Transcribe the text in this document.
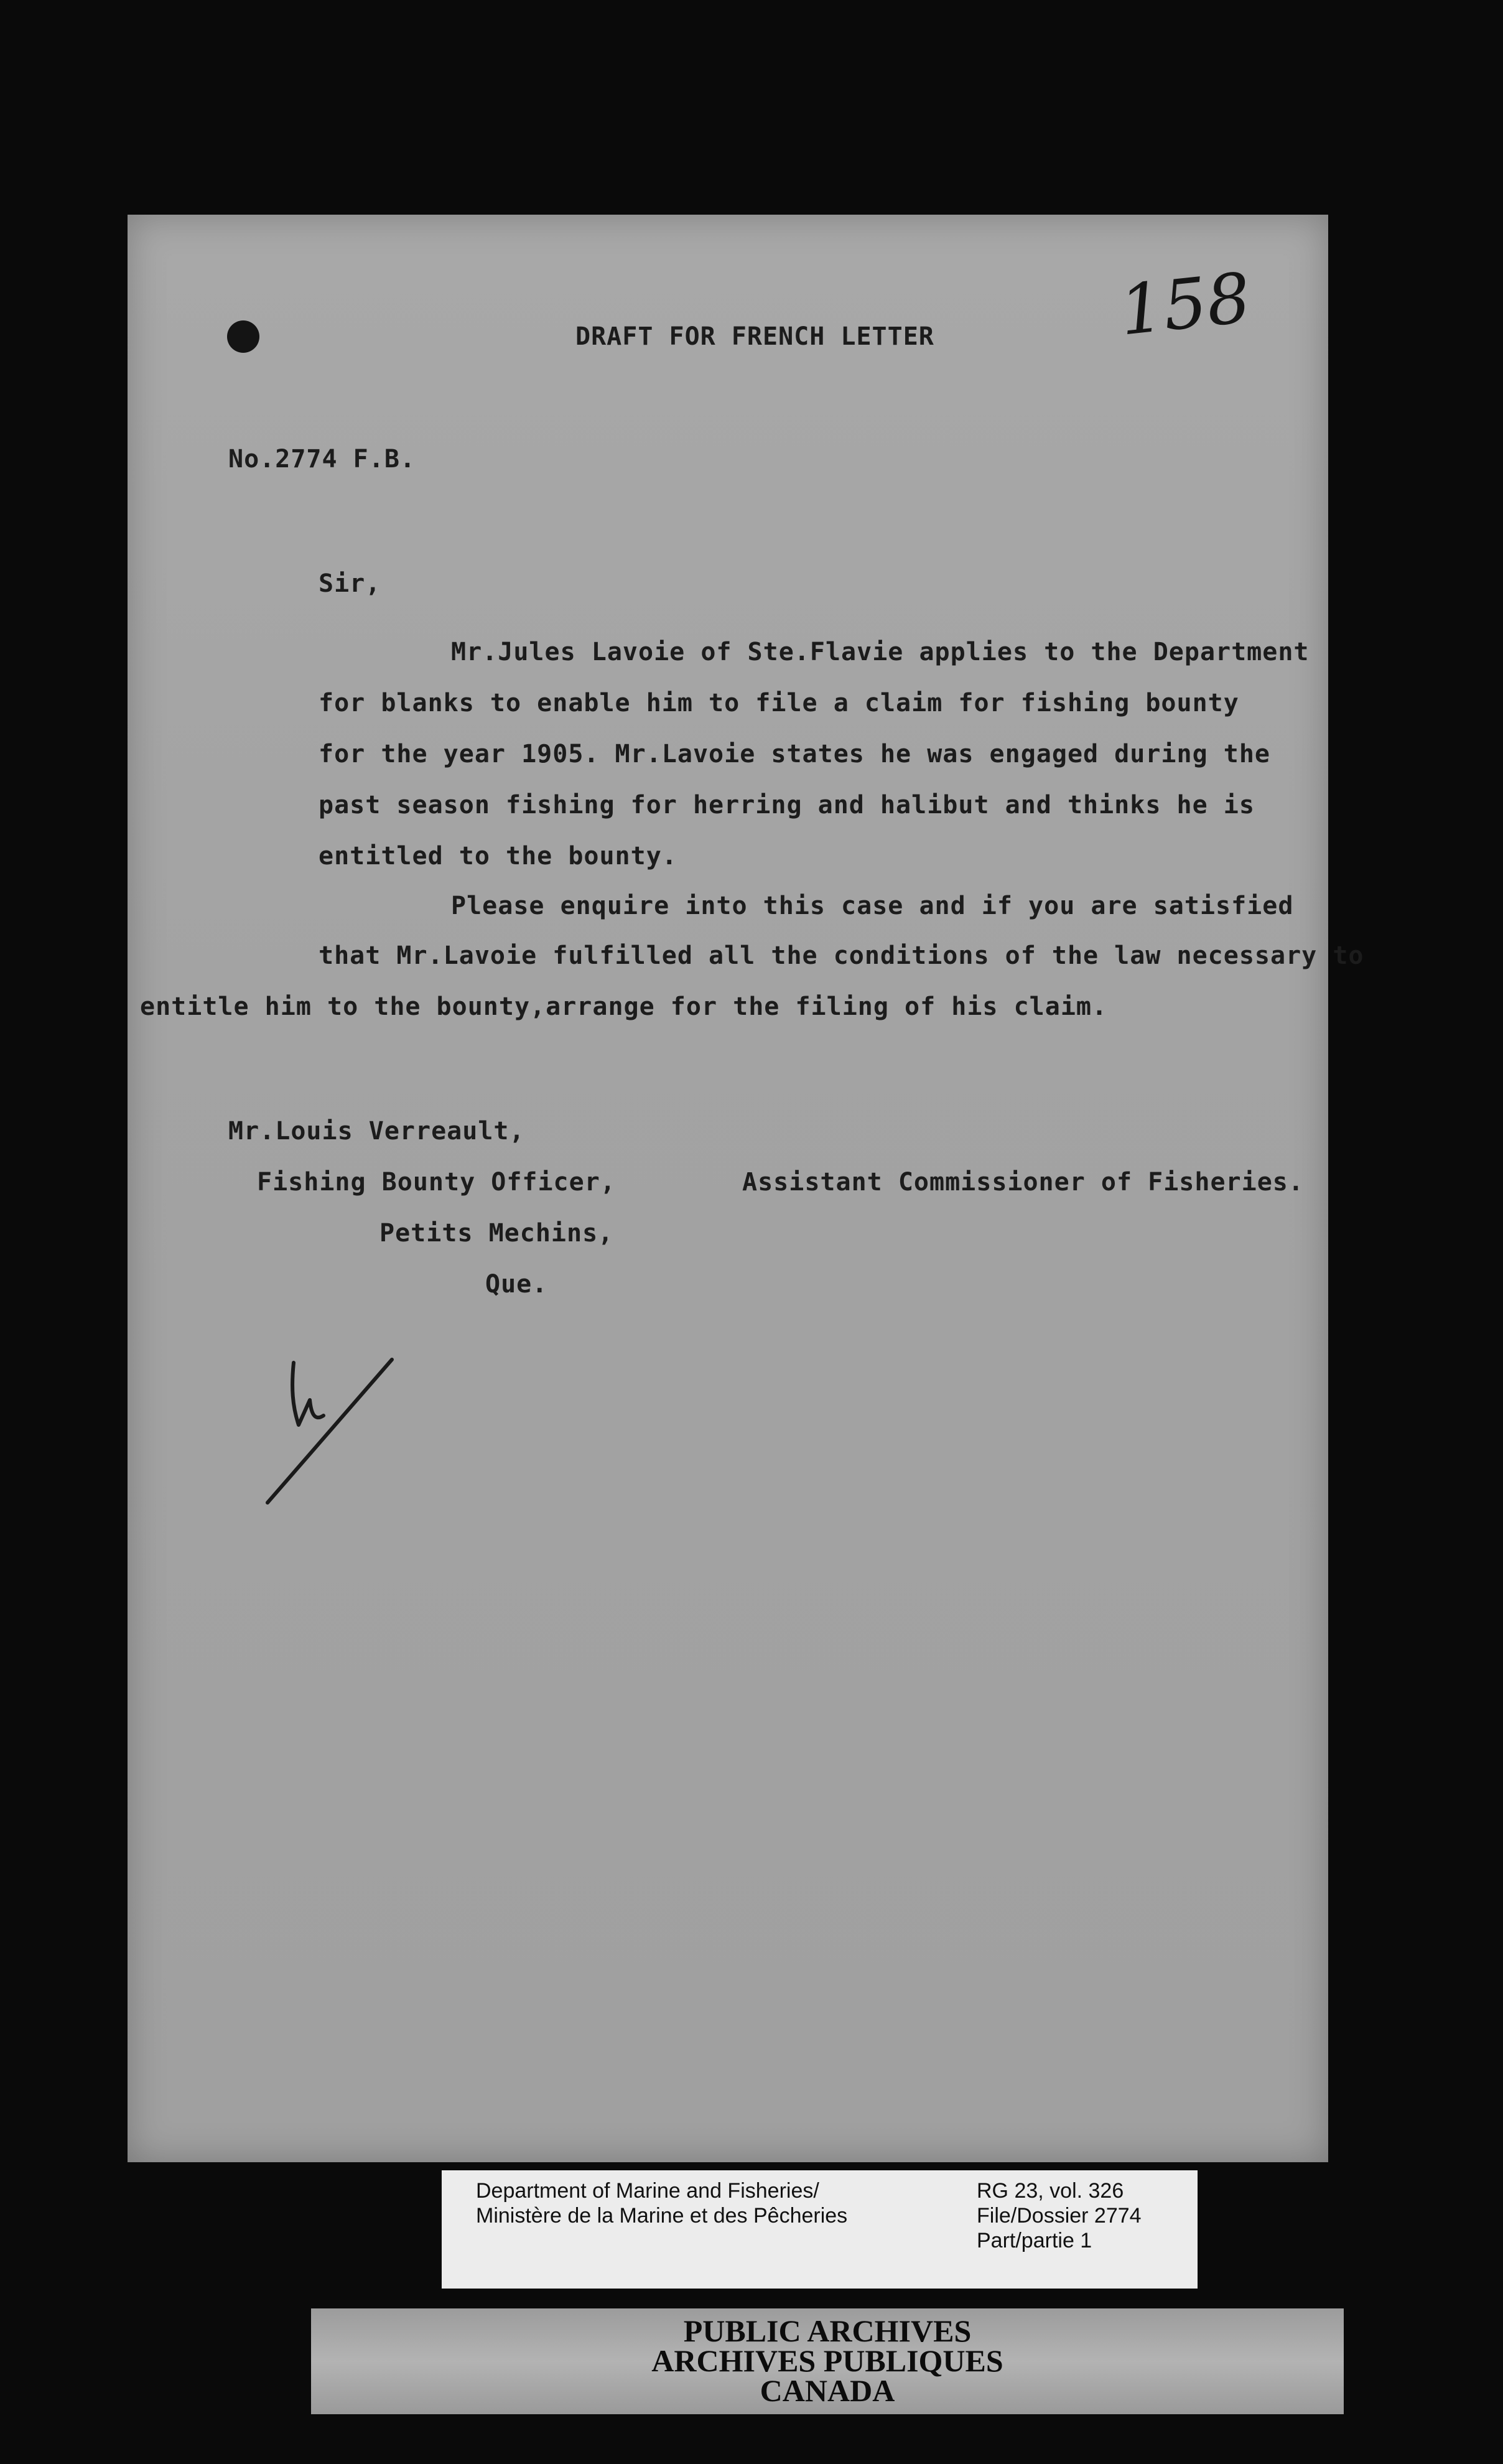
DRAFT FOR FRENCH LETTER	158
No.2774 F.B.
Sir,
Mr.Jules Lavoie of Ste.Flavie applies to the Department
for blanks to enable him to file a claim for fishing bounty
for the year 1905. Mr.Lavoie states he was engaged during the
past season fishing for herring and halibut and thinks he is
entitled to the bounty.
Please enquire into this case and if you are satisfied
that Mr.Lavoie fulfilled all the conditions of the law necessary to
entitle him to the bounty,arrange for the filing of his claim.
Mr.Louis Verreault,
Fishing Bounty Officer,
Petits Mechins,
Que.
Assistant Commissioner of Fisheries.
Department of Marine and Fisheries/
Ministère de la Marine et des Pêcheries
RG 23, vol. 326
File/Dossier 2774
Part/partie 1
PUBLIC ARCHIVES
ARCHIVES PUBLIQUES
CANADA
